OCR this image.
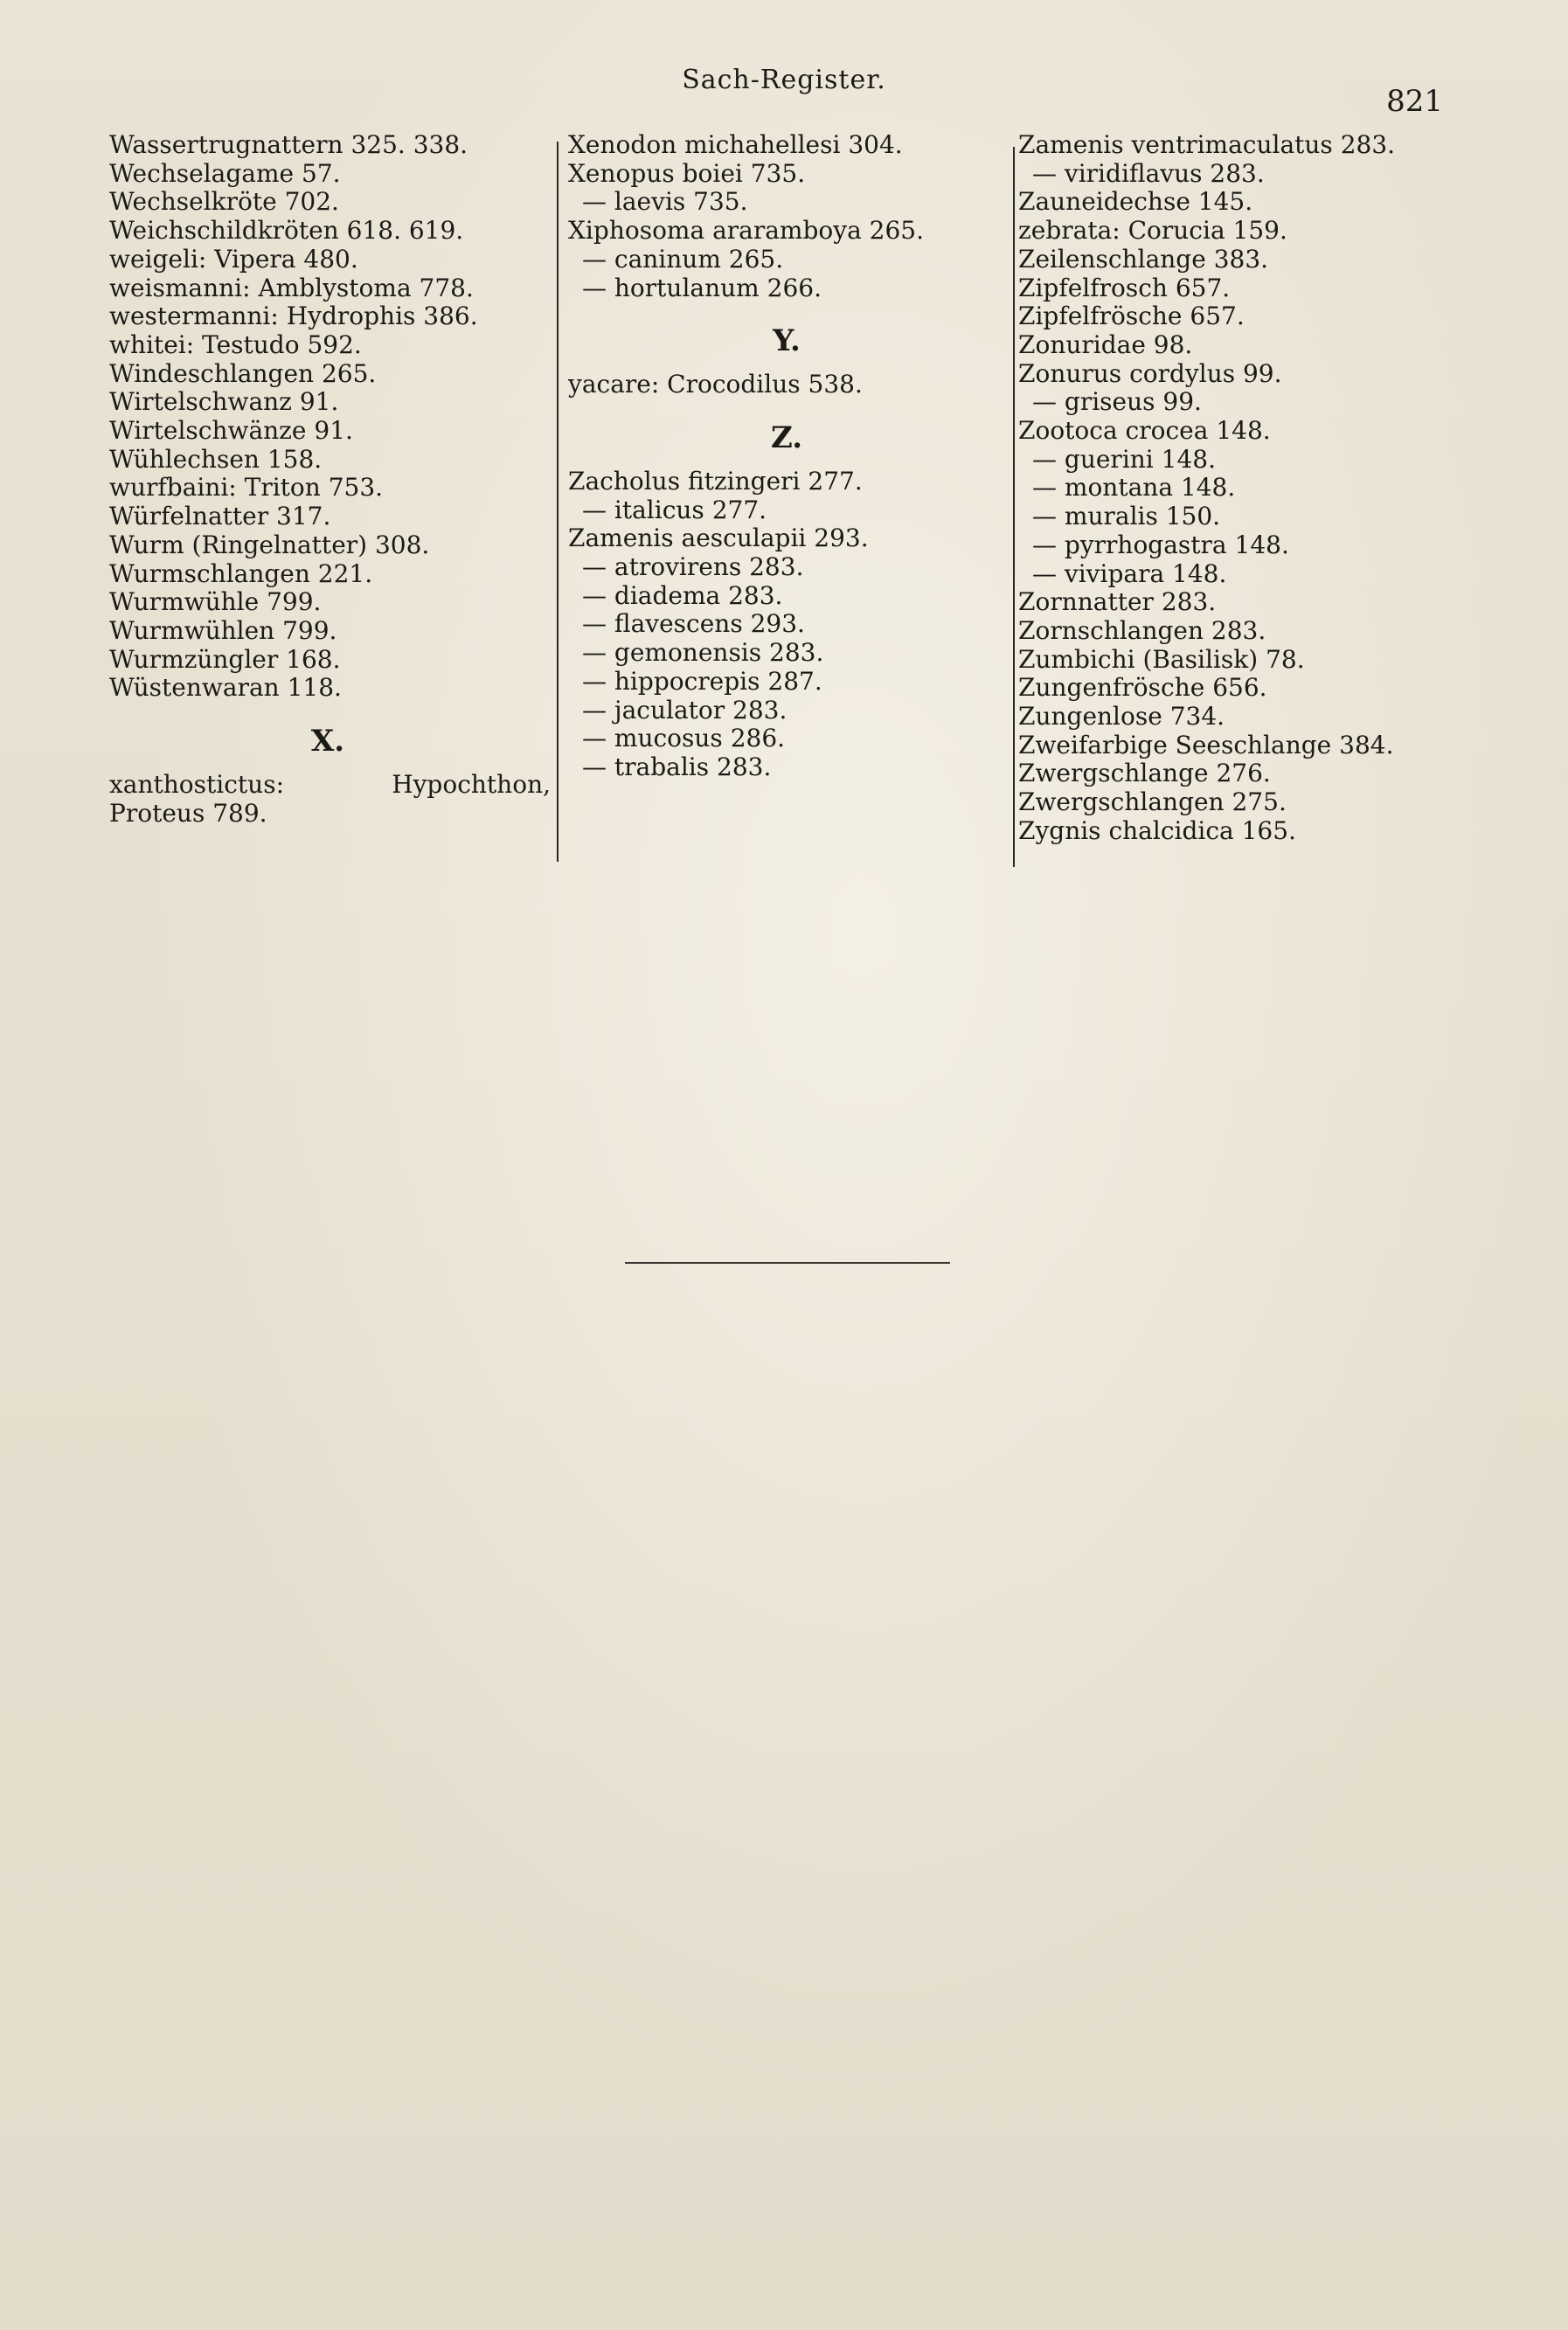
Sach-Register.
821
Wassertrugnattern 325. 338.
Wechselagame 57.
Wechselkröte 702.
Weichschildkröten 618. 619.
weigeli: Vipera 480.
weismanni: Amblystoma 778.
westermanni: Hydrophis 386.
whitei: Testudo 592.
Windeschlangen 265.
Wirtelschwanz 91.
Wirtelschwänze 91.
Wühlechsen 158.
wurfbaini: Triton 753.
Würfelnatter 317.
Wurm (Ringelnatter) 308.
Wurmschlangen 221.
Wurmwühle 799.
Wurmwühlen 799.
Wurmzüngler 168.
Wüstenwaran 118.
X.
xanthostictus: Hypochthon, Proteus 789.
Xenodon michahellesi 304.
Xenopus boiei 735.
— laevis 735.
Xiphosoma araramboya 265.
— caninum 265.
— hortulanum 266.
Y.
yacare: Crocodilus 538.
Z.
Zacholus fitzingeri 277.
— italicus 277.
Zamenis aesculapii 293.
— atrovirens 283.
— diadema 283.
— flavescens 293.
— gemonensis 283.
— hippocrepis 287.
— jaculator 283.
— mucosus 286.
— trabalis 283.
Zamenis ventrimaculatus 283.
— viridiflavus 283.
Zauneidechse 145.
zebrata: Corucia 159.
Zeilenschlange 383.
Zipfelfrosch 657.
Zipfelfrösche 657.
Zonuridae 98.
Zonurus cordylus 99.
— griseus 99.
Zootoca crocea 148.
— guerini 148.
— montana 148.
— muralis 150.
— pyrrhogastra 148.
— vivipara 148.
Zornnatter 283.
Zornschlangen 283.
Zumbichi (Basilisk) 78.
Zungenfrösche 656.
Zungenlose 734.
Zweifarbige Seeschlange 384.
Zwergschlange 276.
Zwergschlangen 275.
Zygnis chalcidica 165.
